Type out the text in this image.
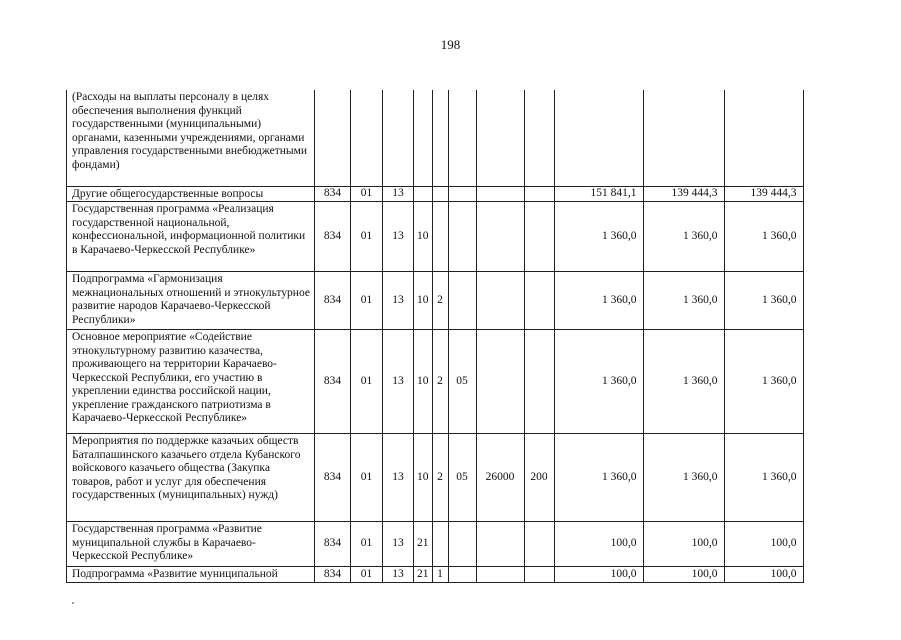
198
(Расходы на выплаты персоналу в целях обеспечения выполнения функций государственными (муниципальными) органами, казенными учреждениями, органами управления государственными внебюджетными фондами)											
Другие общегосударственные вопросы	834	01	13						151 841,1	139 444,3	139 444,3
Государственная программа «Реализация государственной национальной, конфессиональной, информационной политики в Карачаево-Черкесской Республике»	834	01	13	10					1 360,0	1 360,0	1 360,0
Подпрограмма «Гармонизация межнациональных отношений и этнокультурное развитие народов Карачаево-Черкесской Республики»	834	01	13	10	2				1 360,0	1 360,0	1 360,0
Основное мероприятие «Содействие этнокультурному развитию казачества, проживающего на территории Карачаево-Черкесской Республики, его участию в укреплении единства российской нации, укрепление гражданского патриотизма в Карачаево-Черкесской Республике»	834	01	13	10	2	05			1 360,0	1 360,0	1 360,0
Мероприятия по поддержке казачьих обществ Баталпашинского казачьего отдела Кубанского войскового казачьего общества (Закупка товаров, работ и услуг для обеспечения государственных (муниципальных) нужд)	834	01	13	10	2	05	26000	200	1 360,0	1 360,0	1 360,0
Государственная программа «Развитие муниципальной службы в Карачаево-Черкесской Республике»	834	01	13	21					100,0	100,0	100,0
Подпрограмма «Развитие муниципальной	834	01	13	21	1				100,0	100,0	100,0
